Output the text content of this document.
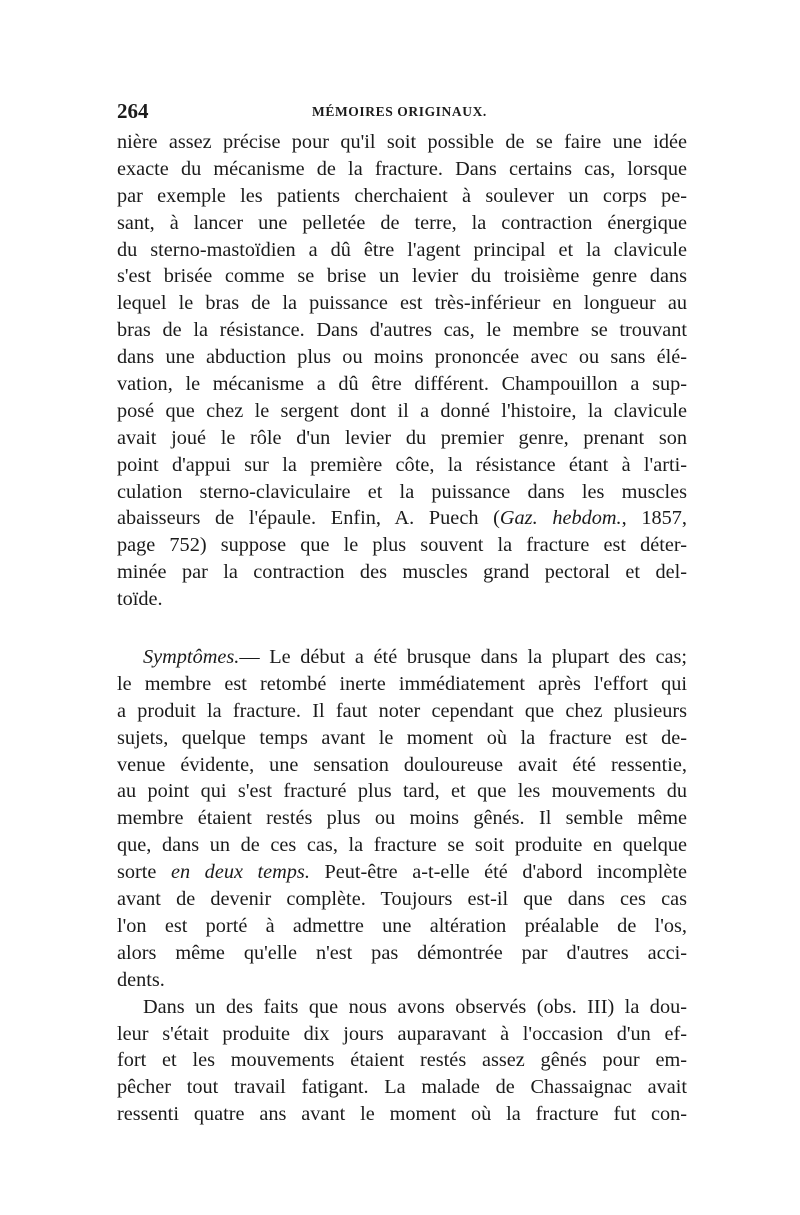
264	MÉMOIRES ORIGINAUX.
nière assez précise pour qu'il soit possible de se faire une idée
exacte du mécanisme de la fracture. Dans certains cas, lorsque
par exemple les patients cherchaient à soulever un corps pe-
sant, à lancer une pelletée de terre, la contraction énergique
du sterno-mastoïdien a dû être l'agent principal et la clavicule
s'est brisée comme se brise un levier du troisième genre dans
lequel le bras de la puissance est très-inférieur en longueur au
bras de la résistance. Dans d'autres cas, le membre se trouvant
dans une abduction plus ou moins prononcée avec ou sans élé-
vation, le mécanisme a dû être différent. Champouillon a sup-
posé que chez le sergent dont il a donné l'histoire, la clavicule
avait joué le rôle d'un levier du premier genre, prenant son
point d'appui sur la première côte, la résistance étant à l'arti-
culation sterno-claviculaire et la puissance dans les muscles
abaisseurs de l'épaule. Enfin, A. Puech (Gaz. hebdom., 1857,
page 752) suppose que le plus souvent la fracture est déter-
minée par la contraction des muscles grand pectoral et del-
toïde.
Symptômes.— Le début a été brusque dans la plupart des cas;
le membre est retombé inerte immédiatement après l'effort qui
a produit la fracture. Il faut noter cependant que chez plusieurs
sujets, quelque temps avant le moment où la fracture est de-
venue évidente, une sensation douloureuse avait été ressentie,
au point qui s'est fracturé plus tard, et que les mouvements du
membre étaient restés plus ou moins gênés. Il semble même
que, dans un de ces cas, la fracture se soit produite en quelque
sorte en deux temps. Peut-être a-t-elle été d'abord incomplète
avant de devenir complète. Toujours est-il que dans ces cas
l'on est porté à admettre une altération préalable de l'os,
alors même qu'elle n'est pas démontrée par d'autres acci-
dents.
Dans un des faits que nous avons observés (obs. III) la dou-
leur s'était produite dix jours auparavant à l'occasion d'un ef-
fort et les mouvements étaient restés assez gênés pour em-
pêcher tout travail fatigant. La malade de Chassaignac avait
ressenti quatre ans avant le moment où la fracture fut con-
